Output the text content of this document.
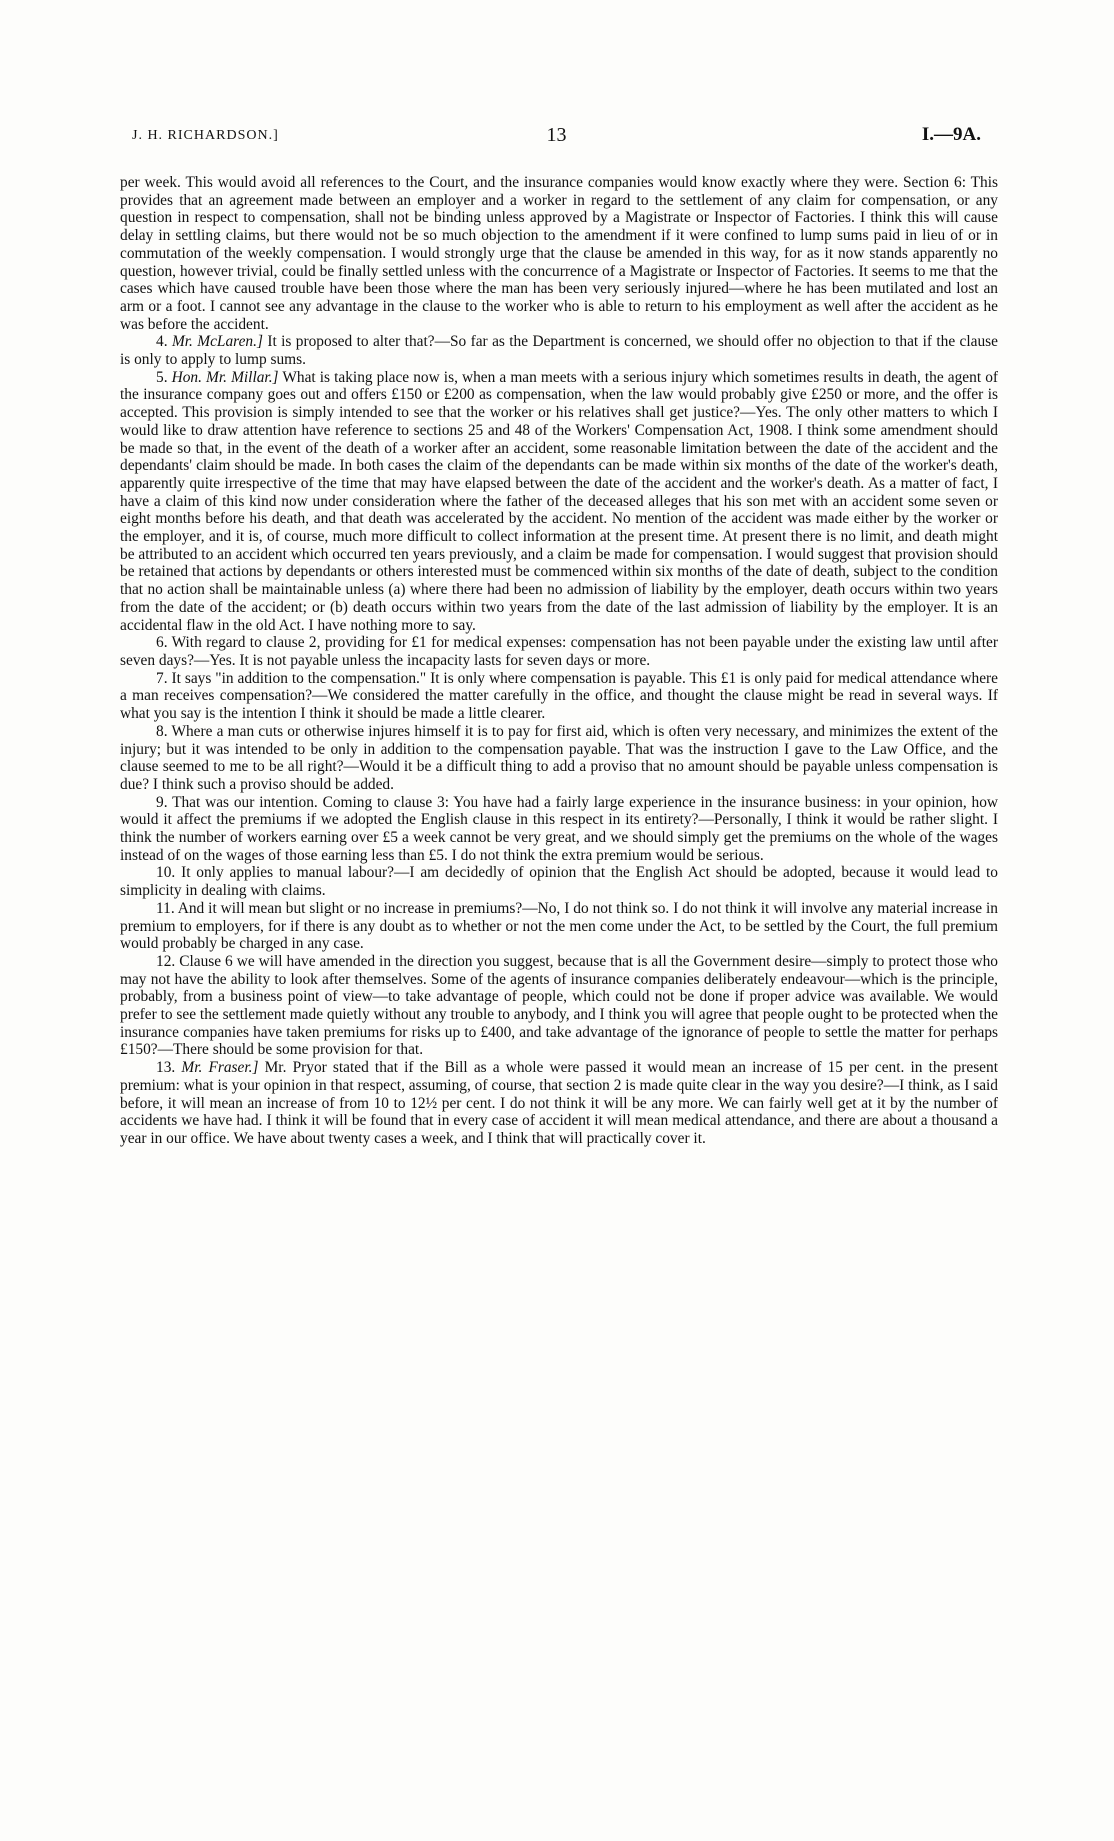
J. H. RICHARDSON.]	13	I.—9A.

per week. This would avoid all references to the Court, and the insurance companies would know exactly where they were. Section 6: This provides that an agreement made between an employer and a worker in regard to the settlement of any claim for compensation, or any question in respect to compensation, shall not be binding unless approved by a Magistrate or Inspector of Factories. I think this will cause delay in settling claims, but there would not be so much objection to the amendment if it were confined to lump sums paid in lieu of or in commutation of the weekly compensation. I would strongly urge that the clause be amended in this way, for as it now stands apparently no question, however trivial, could be finally settled unless with the concurrence of a Magistrate or Inspector of Factories. It seems to me that the cases which have caused trouble have been those where the man has been very seriously injured—where he has been mutilated and lost an arm or a foot. I cannot see any advantage in the clause to the worker who is able to return to his employment as well after the accident as he was before the accident.

4. Mr. McLaren.] It is proposed to alter that?—So far as the Department is concerned, we should offer no objection to that if the clause is only to apply to lump sums.

5. Hon. Mr. Millar.] What is taking place now is, when a man meets with a serious injury which sometimes results in death, the agent of the insurance company goes out and offers £150 or £200 as compensation, when the law would probably give £250 or more, and the offer is accepted. This provision is simply intended to see that the worker or his relatives shall get justice?—Yes. The only other matters to which I would like to draw attention have reference to sections 25 and 48 of the Workers' Compensation Act, 1908. I think some amendment should be made so that, in the event of the death of a worker after an accident, some reasonable limitation between the date of the accident and the dependants' claim should be made. In both cases the claim of the dependants can be made within six months of the date of the worker's death, apparently quite irrespective of the time that may have elapsed between the date of the accident and the worker's death. As a matter of fact, I have a claim of this kind now under consideration where the father of the deceased alleges that his son met with an accident some seven or eight months before his death, and that death was accelerated by the accident. No mention of the accident was made either by the worker or the employer, and it is, of course, much more difficult to collect information at the present time. At present there is no limit, and death might be attributed to an accident which occurred ten years previously, and a claim be made for compensation. I would suggest that provision should be retained that actions by dependants or others interested must be commenced within six months of the date of death, subject to the condition that no action shall be maintainable unless (a) where there had been no admission of liability by the employer, death occurs within two years from the date of the accident; or (b) death occurs within two years from the date of the last admission of liability by the employer. It is an accidental flaw in the old Act. I have nothing more to say.

6. With regard to clause 2, providing for £1 for medical expenses: compensation has not been payable under the existing law until after seven days?—Yes. It is not payable unless the incapacity lasts for seven days or more.

7. It says "in addition to the compensation." It is only where compensation is payable. This £1 is only paid for medical attendance where a man receives compensation?—We considered the matter carefully in the office, and thought the clause might be read in several ways. If what you say is the intention I think it should be made a little clearer.

8. Where a man cuts or otherwise injures himself it is to pay for first aid, which is often very necessary, and minimizes the extent of the injury; but it was intended to be only in addition to the compensation payable. That was the instruction I gave to the Law Office, and the clause seemed to me to be all right?—Would it be a difficult thing to add a proviso that no amount should be payable unless compensation is due? I think such a proviso should be added.

9. That was our intention. Coming to clause 3: You have had a fairly large experience in the insurance business: in your opinion, how would it affect the premiums if we adopted the English clause in this respect in its entirety?—Personally, I think it would be rather slight. I think the number of workers earning over £5 a week cannot be very great, and we should simply get the premiums on the whole of the wages instead of on the wages of those earning less than £5. I do not think the extra premium would be serious.

10. It only applies to manual labour?—I am decidedly of opinion that the English Act should be adopted, because it would lead to simplicity in dealing with claims.

11. And it will mean but slight or no increase in premiums?—No, I do not think so. I do not think it will involve any material increase in premium to employers, for if there is any doubt as to whether or not the men come under the Act, to be settled by the Court, the full premium would probably be charged in any case.

12. Clause 6 we will have amended in the direction you suggest, because that is all the Government desire—simply to protect those who may not have the ability to look after themselves. Some of the agents of insurance companies deliberately endeavour—which is the principle, probably, from a business point of view—to take advantage of people, which could not be done if proper advice was available. We would prefer to see the settlement made quietly without any trouble to anybody, and I think you will agree that people ought to be protected when the insurance companies have taken premiums for risks up to £400, and take advantage of the ignorance of people to settle the matter for perhaps £150?—There should be some provision for that.

13. Mr. Fraser.] Mr. Pryor stated that if the Bill as a whole were passed it would mean an increase of 15 per cent. in the present premium: what is your opinion in that respect, assuming, of course, that section 2 is made quite clear in the way you desire?—I think, as I said before, it will mean an increase of from 10 to 12½ per cent. I do not think it will be any more. We can fairly well get at it by the number of accidents we have had. I think it will be found that in every case of accident it will mean medical attendance, and there are about a thousand a year in our office. We have about twenty cases a week, and I think that will practically cover it.
